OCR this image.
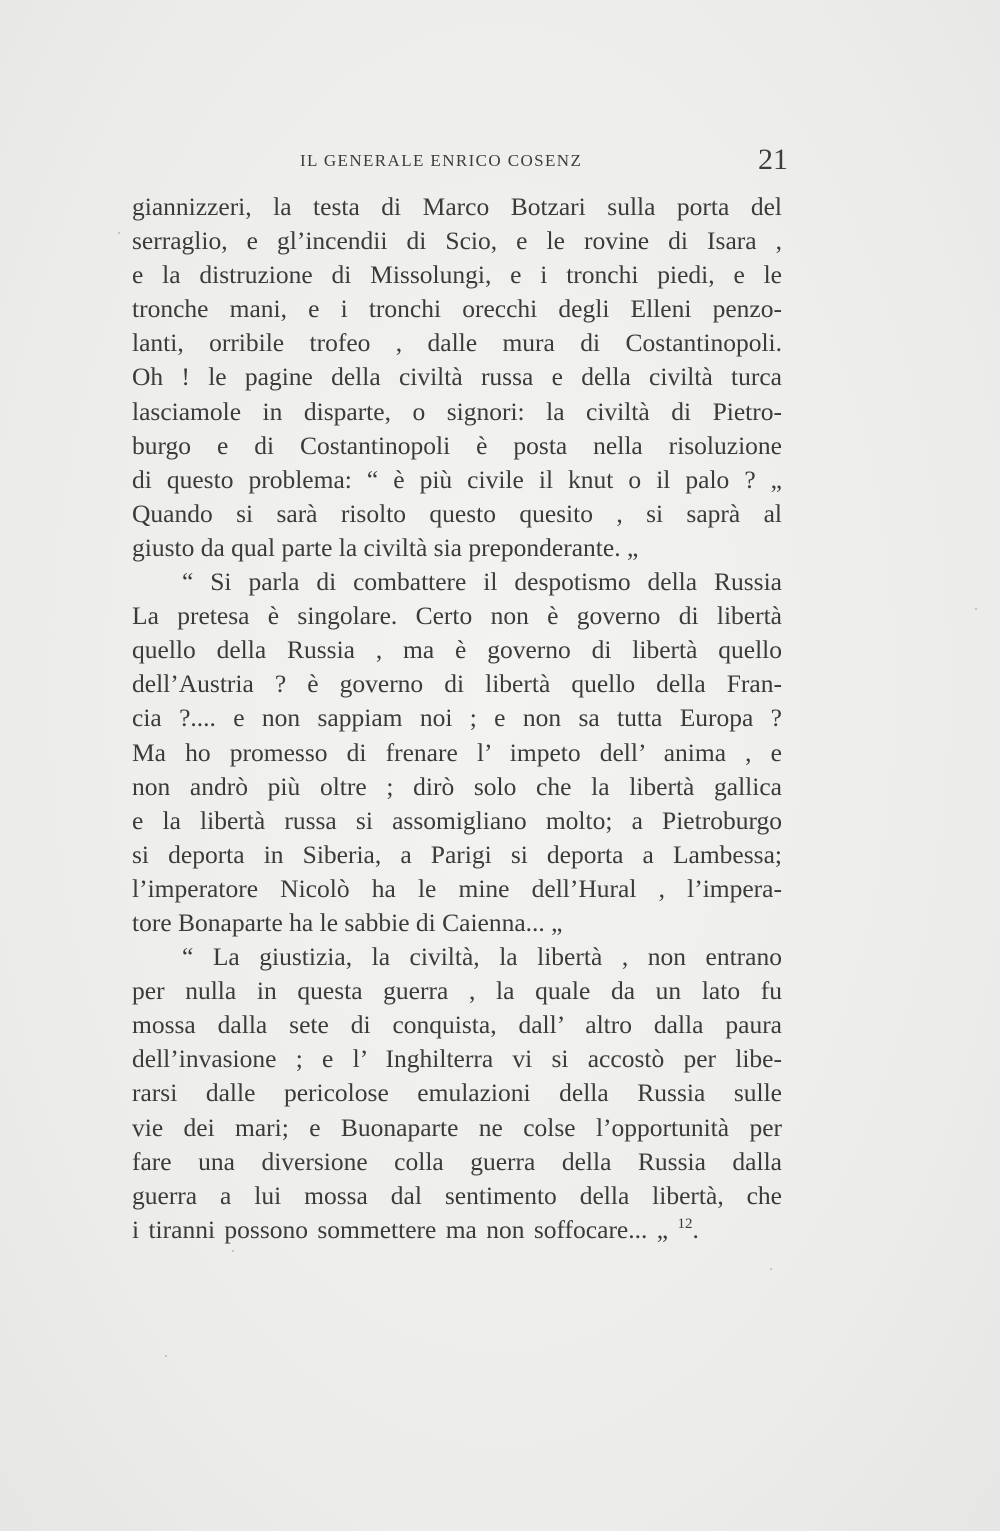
IL GENERALE ENRICO COSENZ	21
giannizzeri, la testa di Marco Botzari sulla porta del
serraglio, e gl’incendii di Scio, e le rovine di Isara ,
e la distruzione di Missolungi, e i tronchi piedi, e le
tronche mani, e i tronchi orecchi degli Elleni penzo-
lanti, orribile trofeo , dalle mura di Costantinopoli.
Oh ! le pagine della civiltà russa e della civiltà turca
lasciamole in disparte, o signori: la civiltà di Pietro-
burgo e di Costantinopoli è posta nella risoluzione
di questo problema: “ è più civile il knut o il palo ? „
Quando si sarà risolto questo quesito , si saprà al
giusto da qual parte la civiltà sia preponderante. „
“ Si parla di combattere il despotismo della Russia
La pretesa è singolare. Certo non è governo di libertà
quello della Russia , ma è governo di libertà quello
dell’Austria ? è governo di libertà quello della Fran-
cia ?.... e non sappiam noi ; e non sa tutta Europa ?
Ma ho promesso di frenare l’ impeto dell’ anima , e
non andrò più oltre ; dirò solo che la libertà gallica
e la libertà russa si assomigliano molto; a Pietroburgo
si deporta in Siberia, a Parigi si deporta a Lambessa;
l’imperatore Nicolò ha le mine dell’Hural , l’impera-
tore Bonaparte ha le sabbie di Caienna... „
“ La giustizia, la civiltà, la libertà , non entrano
per nulla in questa guerra , la quale da un lato fu
mossa dalla sete di conquista, dall’ altro dalla paura
dell’invasione ; e l’ Inghilterra vi si accostò per libe-
rarsi dalle pericolose emulazioni della Russia sulle
vie dei mari; e Buonaparte ne colse l’opportunità per
fare una diversione colla guerra della Russia dalla
guerra a lui mossa dal sentimento della libertà, che
i tiranni possono sommettere ma non soffocare... „ $^{12}$.
